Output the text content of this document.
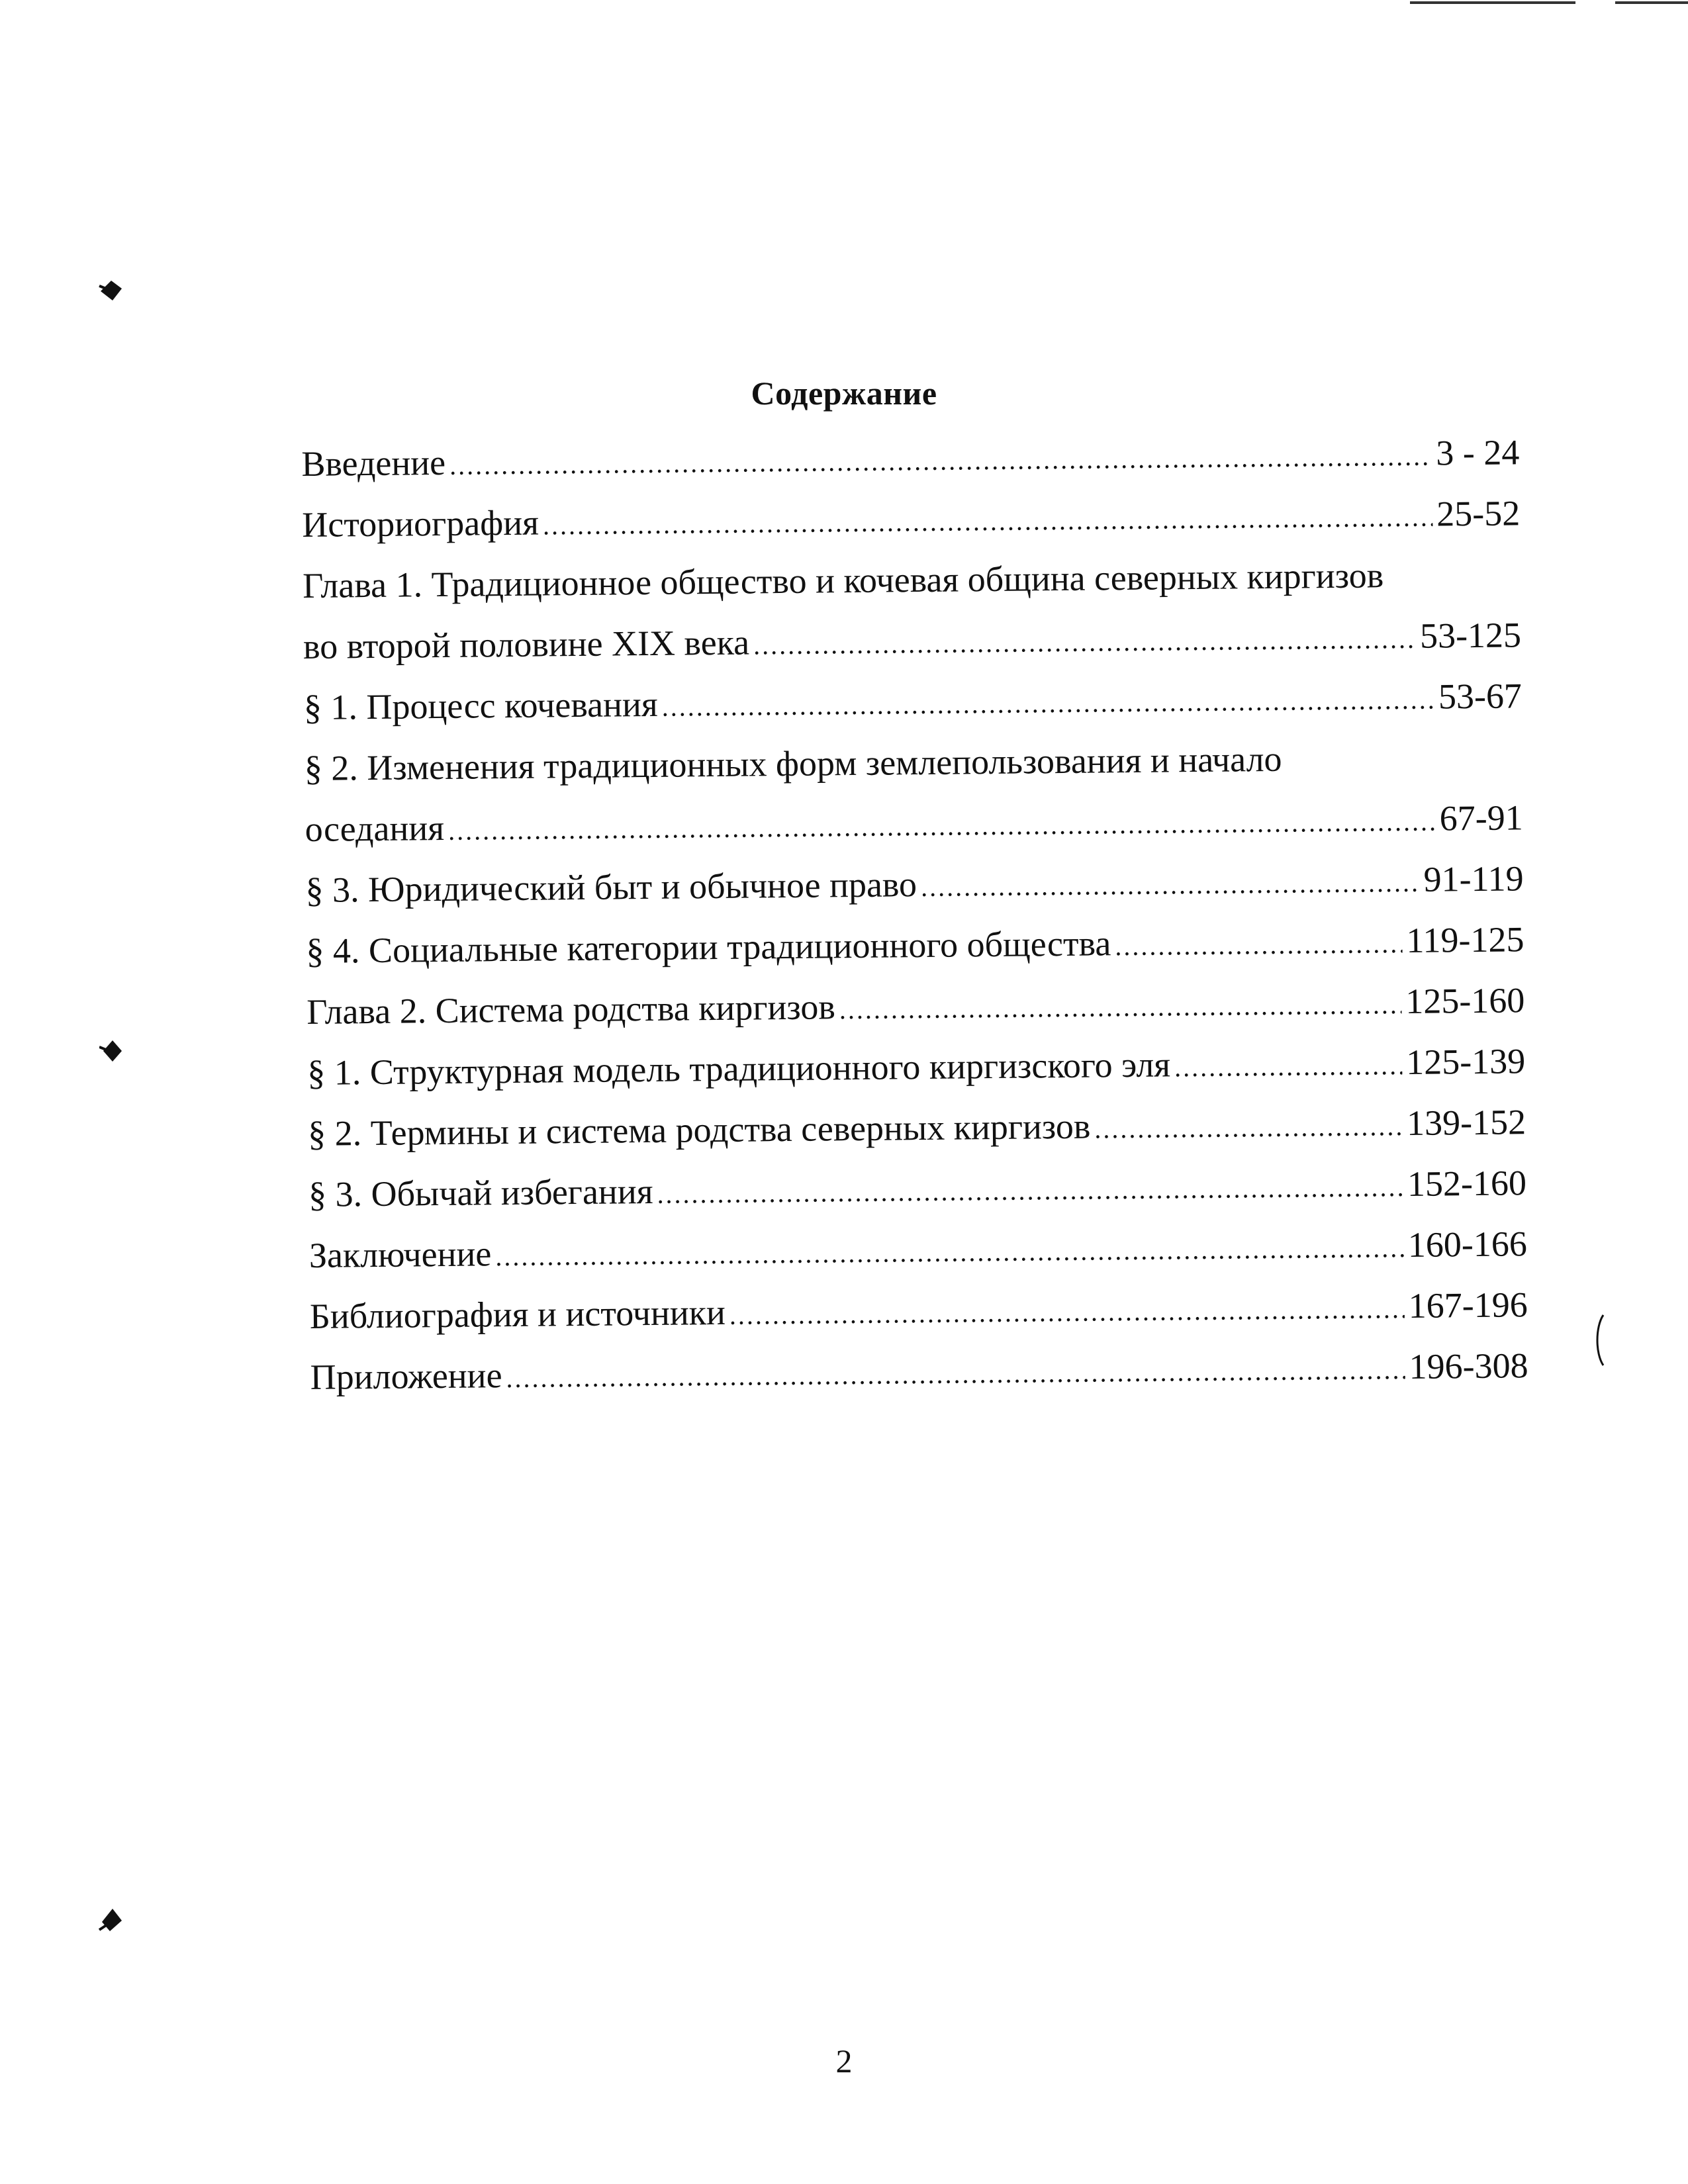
Содержание
Введение .....	3 - 24
Историография .....	25-52
Глава 1. Традиционное общество и кочевая община северных киргизов
во второй половине XIX века .....	53-125
§ 1. Процесс кочевания .....	53-67
§ 2. Изменения традиционных форм землепользования и начало
оседания .....	67-91
§ 3. Юридический быт и обычное право .....	91-119
§ 4. Социальные категории традиционного общества .....	119-125
Глава 2. Система родства киргизов .....	125-160
§ 1. Структурная модель традиционного киргизского эля .....	125-139
§ 2. Термины и система родства северных киргизов .....	139-152
§ 3. Обычай избегания .....	152-160
Заключение .....	160-166
Библиография и источники .....	167-196
Приложение .....	196-308
2
